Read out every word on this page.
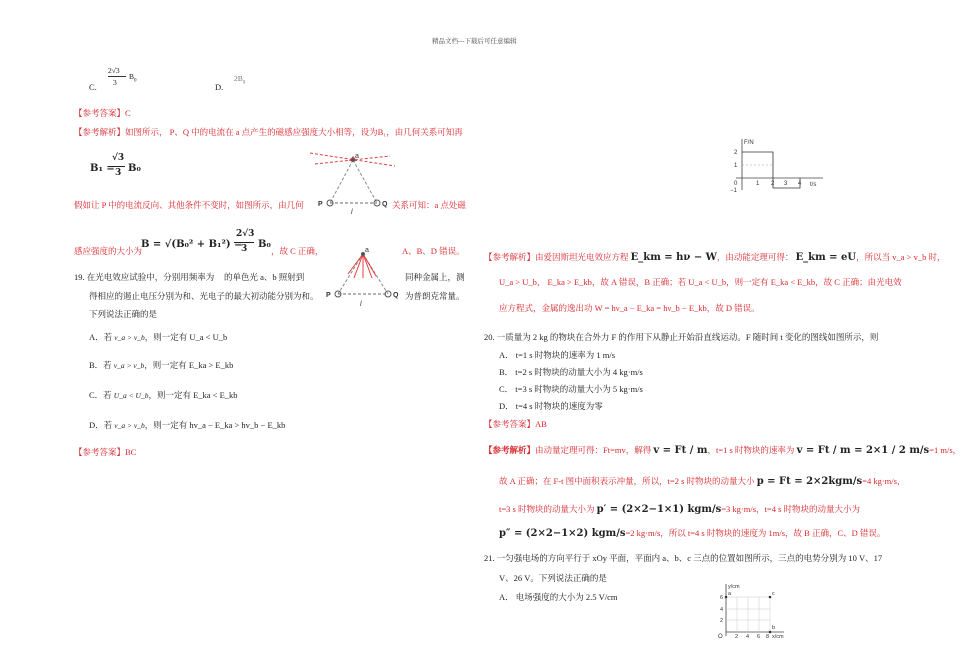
精品文档---下载后可任意编辑
C.
2√3
3
$B_0$
D.
$2B_0$
【参考答案】C
【参考解析】如图所示， P、Q 中的电流在 a 点产生的磁感应强度大小相等，设为B₁，由几何关系可知再
B₁ =
√3
3 B₀
假如让 P 中的电流反向、其他条件不变时，如图所示，由几何	关系可知：a 点处磁
感应强度的大小为
B = √(B₀² + B₁²) =
2√3
3 B₀
，故 C 正确，	A、B、D 错误。
a
P	Q
l
a
P	Q
l
19. 在光电效应试验中，分别用频率为 的单色光 a、b 照射到	同种金属上，测
得相应的遏止电压分别为和、光电子的最大初动能分别为和。	为普朗克常量。
下列说法正确的是
A．若 v_a > v_b，则一定有 U_a < U_b
B．若 v_a > v_b，则一定有 E_ka > E_kb
C．若 U_a < U_b，则一定有 E_ka < E_kb
D．若 v_a > v_b，则一定有 hv_a − E_ka > hv_b − E_kb
【参考答案】BC
F/N
t/s
2
1
0
−1
1 2 3 4
【参考解析】由爱因斯坦光电效应方程 E_km = hν − W，由动能定理可得： E_km = eU，所以当 v_a > v_b 时，
U_a > U_b， E_ka > E_kb，故 A 错误，B 正确；若 U_a < U_b，则一定有 E_ka < E_kb，故 C 正确；由光电效
应方程式，金属的逸出功 W = hν_a − E_ka = hν_b − E_kb，故 D 错误。
20. 一质量为 2 kg 的物块在合外力 F 的作用下从静止开始沿直线运动。F 随时间 t 变化的图线如图所示，则
A． t=1 s 时物块的速率为 1 m/s
B． t=2 s 时物块的动量大小为 4 kg·m/s
C． t=3 s 时物块的动量大小为 5 kg·m/s
D． t=4 s 时物块的速度为零
【参考答案】AB
【参考解析】由动量定理可得：Ft=mv，解得 v = Ft / m，t=1 s 时物块的速率为 v = Ft / m = 2×1 / 2 m/s=1 m/s，
故 A 正确；在 F-t 图中面积表示冲量，所以，t=2 s 时物块的动量大小 p = Ft = 2×2kgm/s=4 kg·m/s，
t=3 s 时物块的动量大小为 p′ = (2×2−1×1) kgm/s=3 kg·m/s，t=4 s 时物块的动量大小为
p″ = (2×2−1×2) kgm/s=2 kg·m/s，所以 t=4 s 时物块的速度为 1m/s，故 B 正确，C、D 错误。
21. 一匀强电场的方向平行于 xOy 平面，平面内 a、b、c 三点的位置如图所示，三点的电势分别为 10 V、17
V、26 V。下列说法正确的是
A． 电场强度的大小为 2.5 V/cm
y/cm
x/cm
O
6
4
2
2 4 6 8
a	c
b
